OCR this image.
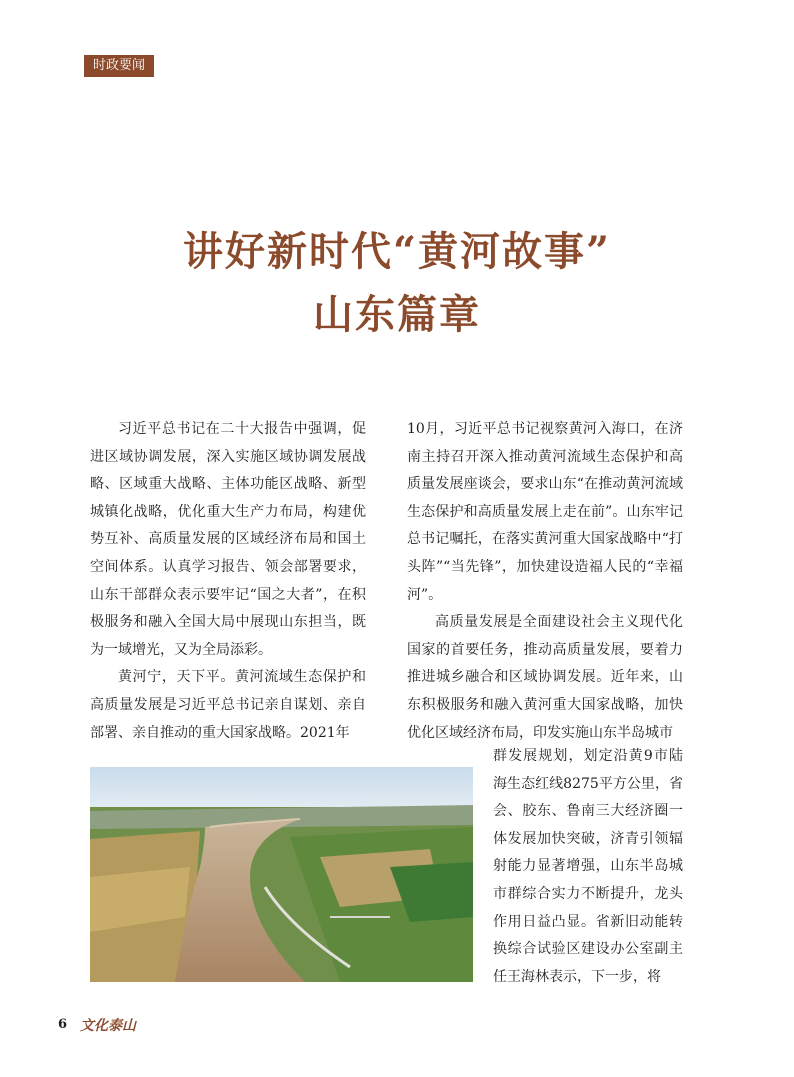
时政要闻
讲好新时代“黄河故事”
山东篇章

习近平总书记在二十大报告中强调，促进区域协调发展，深入实施区域协调发展战略、区域重大战略、主体功能区战略、新型城镇化战略，优化重大生产力布局，构建优势互补、高质量发展的区域经济布局和国土空间体系。认真学习报告、领会部署要求，山东干部群众表示要牢记“国之大者”，在积极服务和融入全国大局中展现山东担当，既为一域增光，又为全局添彩。

黄河宁，天下平。黄河流域生态保护和高质量发展是习近平总书记亲自谋划、亲自部署、亲自推动的重大国家战略。2021年

10月，习近平总书记视察黄河入海口，在济南主持召开深入推动黄河流域生态保护和高质量发展座谈会，要求山东“在推动黄河流域生态保护和高质量发展上走在前”。山东牢记总书记嘱托，在落实黄河重大国家战略中“打头阵”“当先锋”，加快建设造福人民的“幸福河”。

高质量发展是全面建设社会主义现代化国家的首要任务，推动高质量发展，要着力推进城乡融合和区域协调发展。近年来，山东积极服务和融入黄河重大国家战略，加快优化区域经济布局，印发实施山东半岛城市

群发展规划，划定沿黄9市陆海生态红线8275平方公里，省会、胶东、鲁南三大经济圈一体发展加快突破，济青引领辐射能力显著增强，山东半岛城市群综合实力不断提升，龙头作用日益凸显。省新旧动能转换综合试验区建设办公室副主任王海林表示，下一步，将

6 文化泰山
